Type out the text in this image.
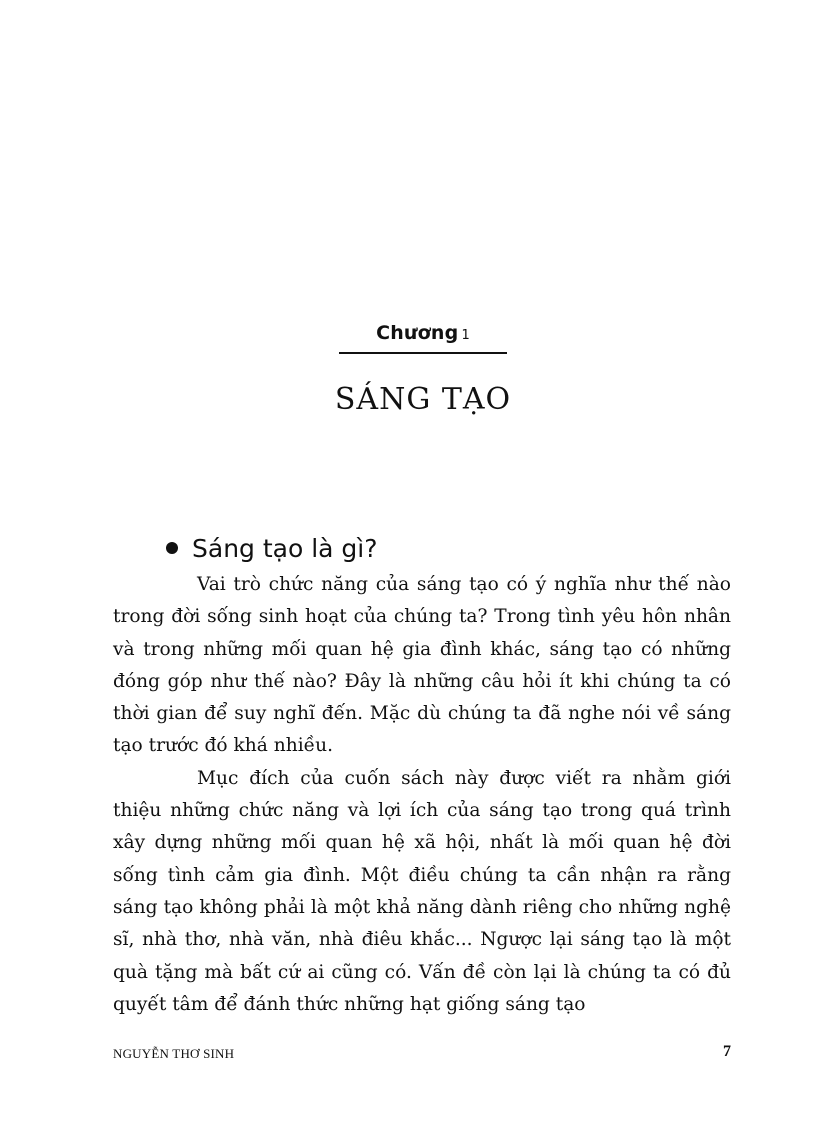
Chương 1
SÁNG TẠO
Sáng tạo là gì?

Vai trò chức năng của sáng tạo có ý nghĩa như thế nào trong đời sống sinh hoạt của chúng ta? Trong tình yêu hôn nhân và trong những mối quan hệ gia đình khác, sáng tạo có những đóng góp như thế nào? Đây là những câu hỏi ít khi chúng ta có thời gian để suy nghĩ đến. Mặc dù chúng ta đã nghe nói về sáng tạo trước đó khá nhiều.

Mục đích của cuốn sách này được viết ra nhằm giới thiệu những chức năng và lợi ích của sáng tạo trong quá trình xây dựng những mối quan hệ xã hội, nhất là mối quan hệ đời sống tình cảm gia đình. Một điều chúng ta cần nhận ra rằng sáng tạo không phải là một khả năng dành riêng cho những nghệ sĩ, nhà thơ, nhà văn, nhà điêu khắc... Ngược lại sáng tạo là một quà tặng mà bất cứ ai cũng có. Vấn đề còn lại là chúng ta có đủ quyết tâm để đánh thức những hạt giống sáng tạo

NGUYỄN THƠ SINH	7
